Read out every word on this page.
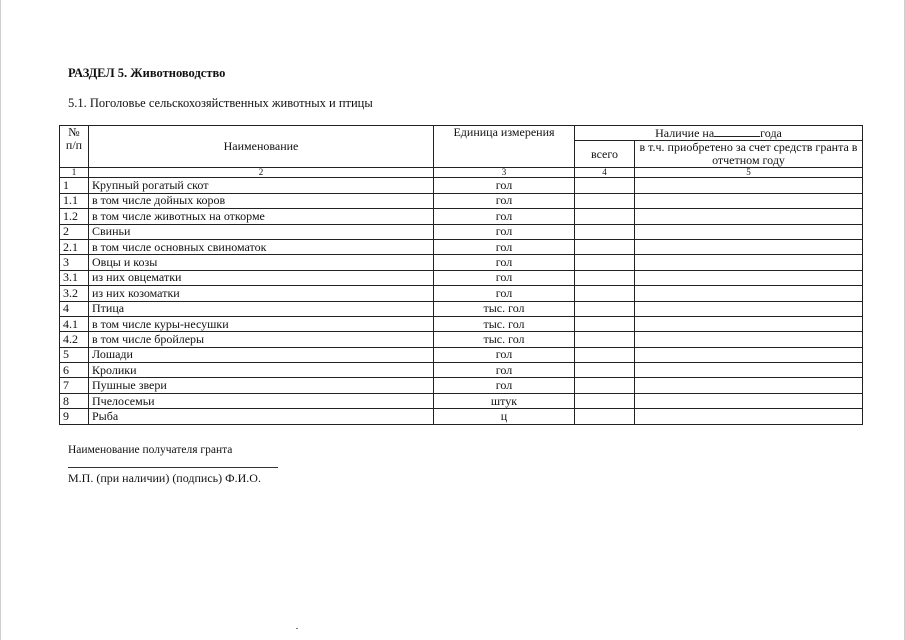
РАЗДЕЛ 5. Животноводство

5.1. Поголовье сельскохозяйственных животных и птицы

№ п/п	Наименование	Единица измерения	Наличие на года	
			всего	в т.ч. приобретено за счет средств гранта в отчетном году
1	2	3	4	5
1	Крупный рогатый скот	гол		
1.1	в том числе дойных коров	гол		
1.2	в том числе животных на откорме	гол		
2	Свиньи	гол		
2.1	в том числе основных свиноматок	гол		
3	Овцы и козы	гол		
3.1	из них овцематки	гол		
3.2	из них козоматки	гол		
4	Птица	тыс. гол		
4.1	в том числе куры-несушки	тыс. гол		
4.2	в том числе бройлеры	тыс. гол		
5	Лошади	гол		
6	Кролики	гол		
7	Пушные звери	гол		
8	Пчелосемьи	штук		
9	Рыба	ц		
Наименование получателя гранта
М.П. (при наличии) (подпись) Ф.И.О.
